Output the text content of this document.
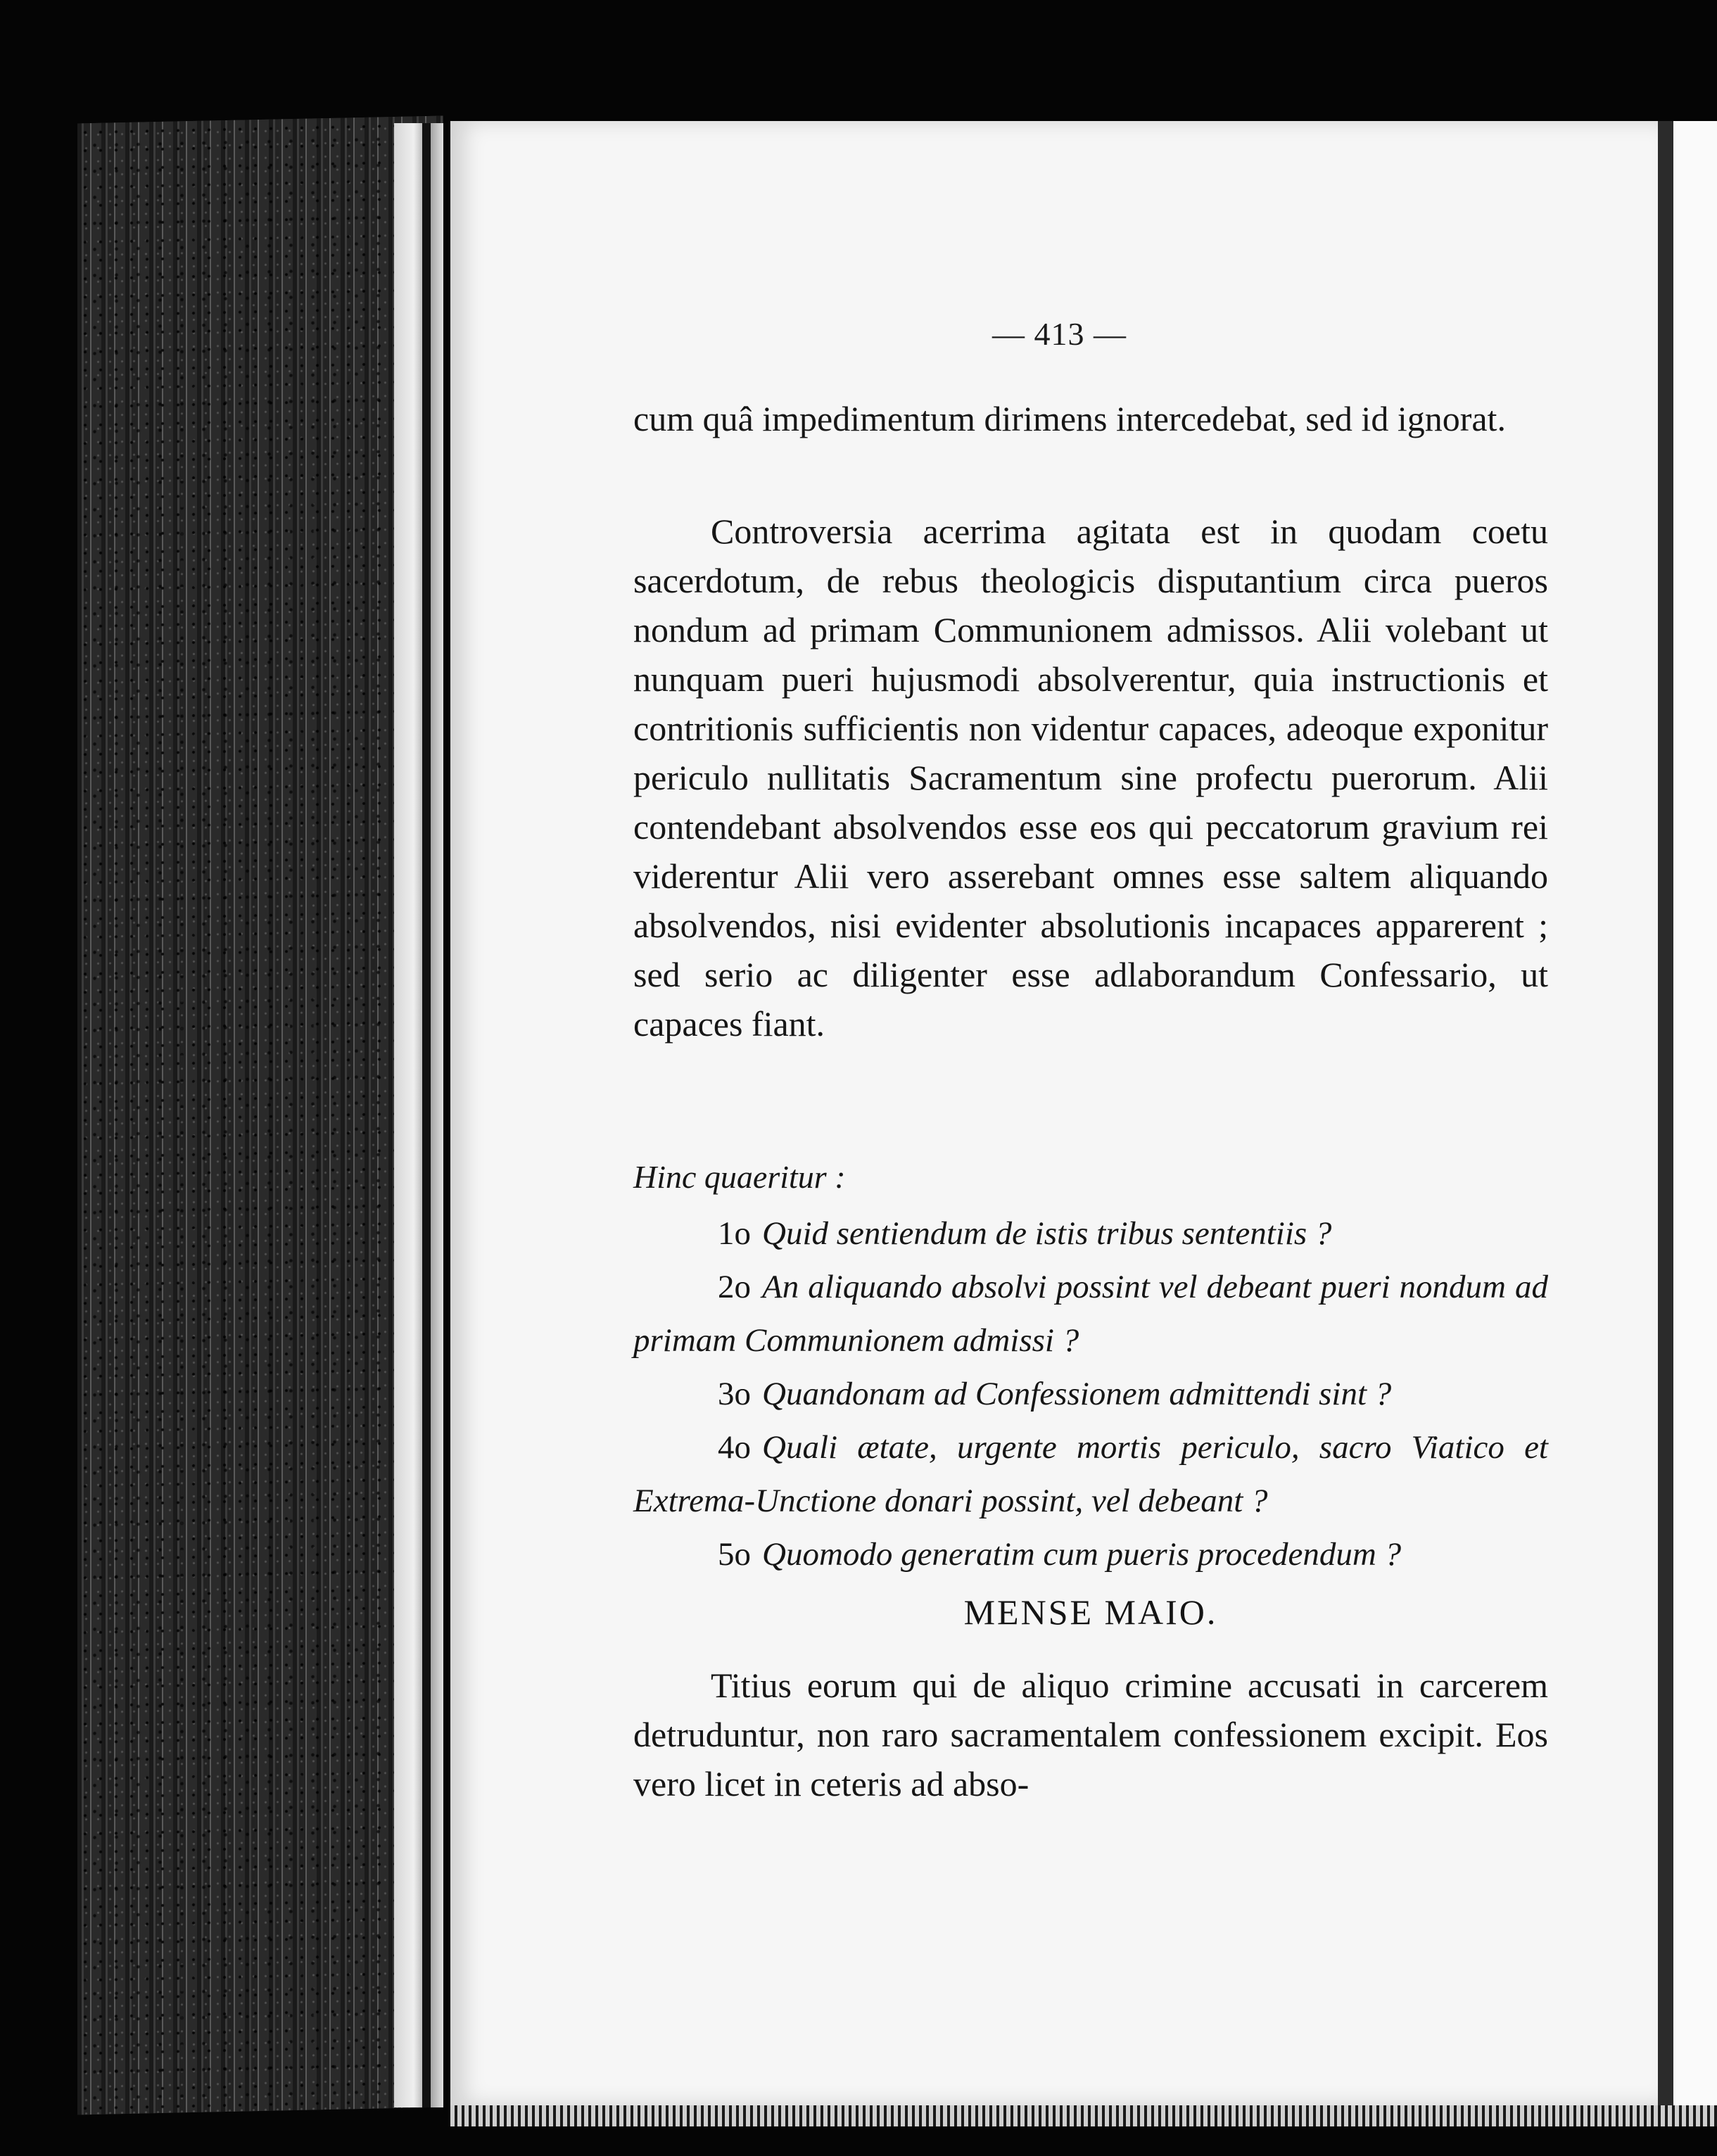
— 413 —

cum quâ impedimentum dirimens intercedebat, sed id ignorat.

Controversia acerrima agitata est in quodam coetu sacerdotum, de rebus theologicis disputantium circa pueros nondum ad primam Communionem admissos. Alii volebant ut nunquam pueri hujusmodi absolverentur, quia instructionis et contritionis sufficientis non videntur capaces, adeoque exponitur periculo nullitatis Sacramentum sine profectu puerorum. Alii contendebant absolvendos esse eos qui peccatorum gravium rei viderentur Alii vero asserebant omnes esse saltem aliquando absolvendos, nisi evidenter absolutionis incapaces apparerent ; sed serio ac diligenter esse adlaborandum Confessario, ut capaces fiant.

Hinc quaeritur :

1o Quid sentiendum de istis tribus sententiis ?

2o An aliquando absolvi possint vel debeant pueri nondum ad primam Communionem admissi ?

3o Quandonam ad Confessionem admittendi sint ?

4o Quali ætate, urgente mortis periculo, sacro Viatico et Extrema-Unctione donari possint, vel debeant ?

5o Quomodo generatim cum pueris procedendum ?

MENSE MAIO.

Titius eorum qui de aliquo crimine accusati in carcerem detruduntur, non raro sacramentalem confessionem excipit. Eos vero licet in ceteris ad abso-
